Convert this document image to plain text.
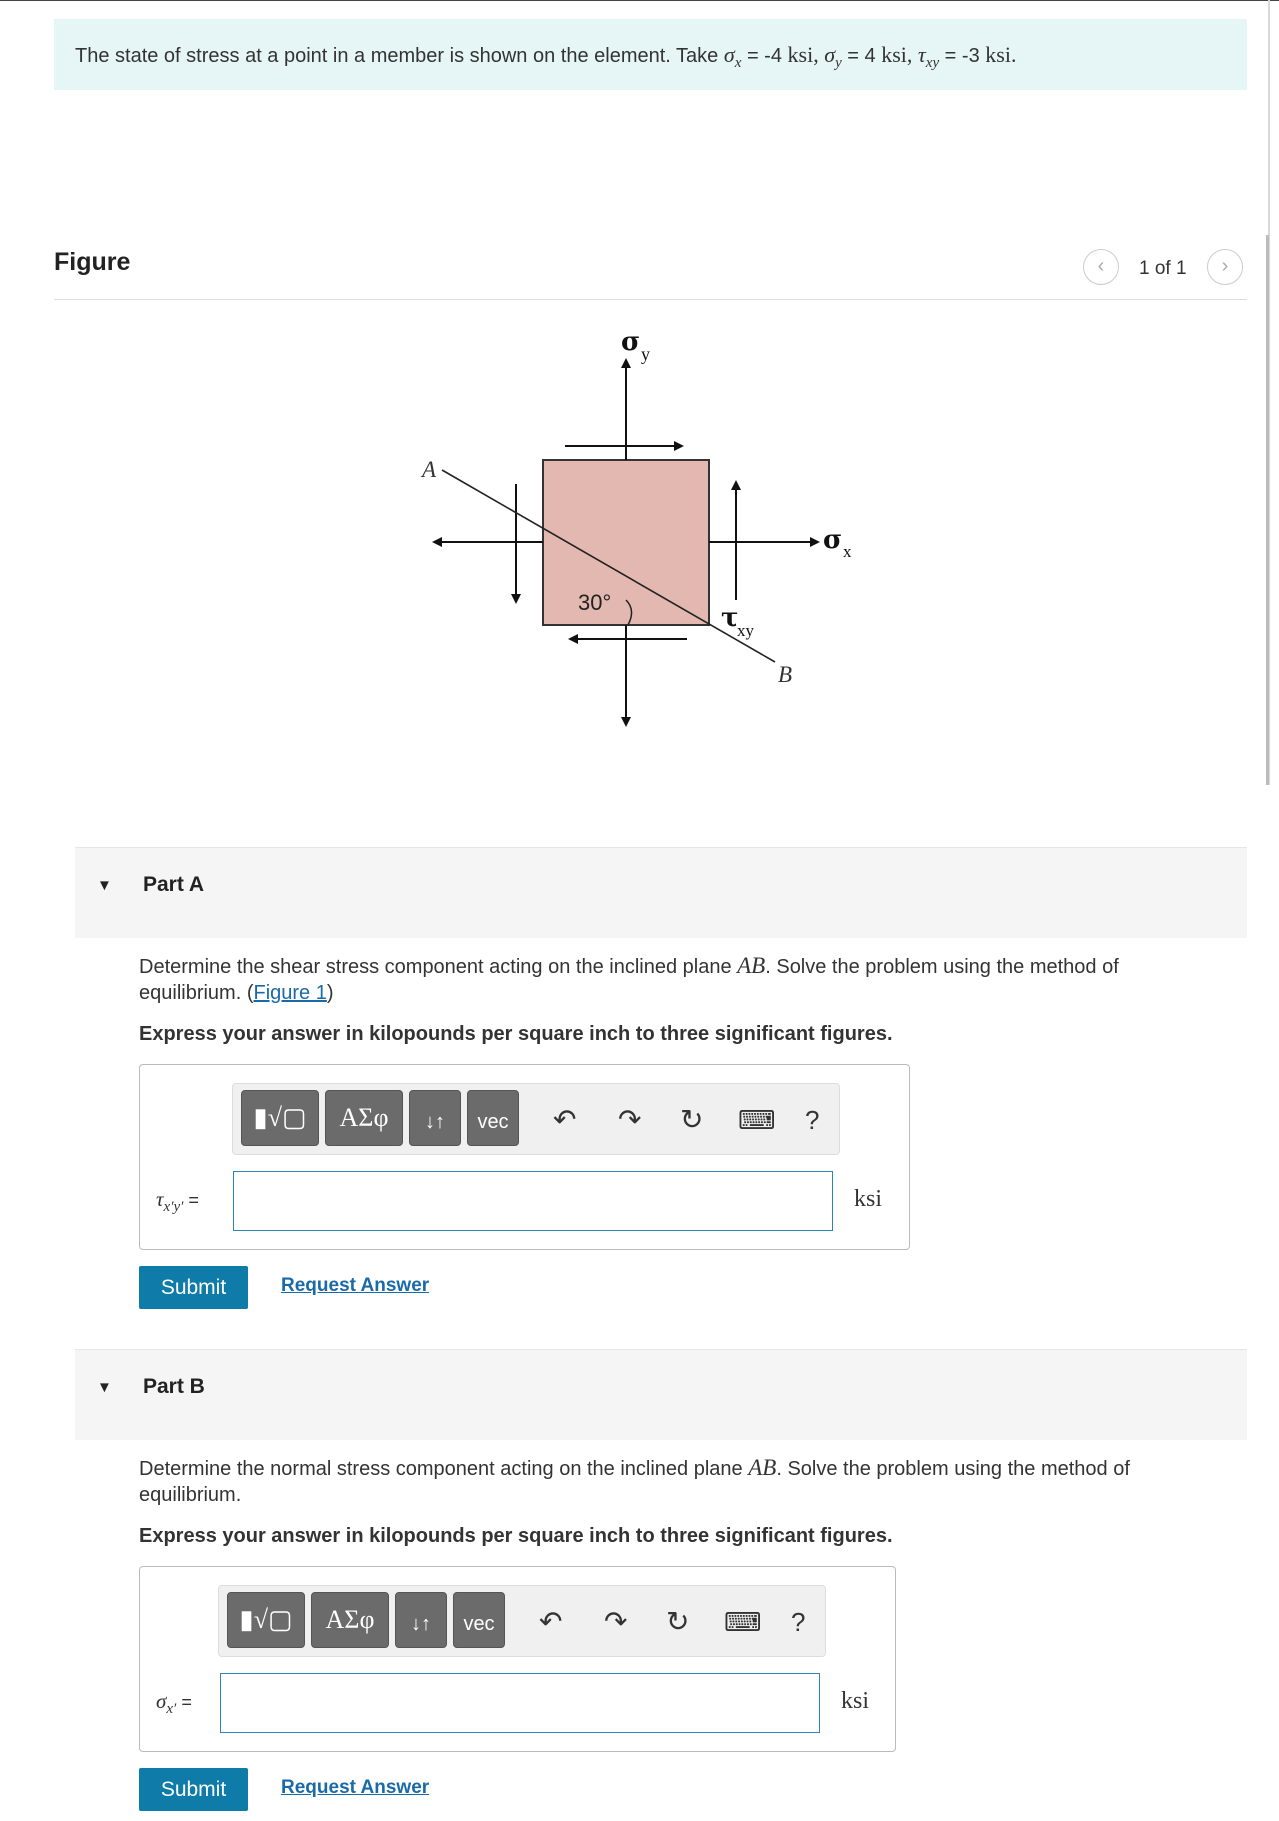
The state of stress at a point in a member is shown on the element. Take $\sigma_x = -4$ ksi, $\sigma_y = 4$ ksi, $\tau_{xy} = -3$ ksi.
Figure	‹	1 of 1	›
σ y
σ x
τ
xy
A
B
30°
▼ Part A
Determine the shear stress component acting on the inclined plane AB. Solve the problem using the method of equilibrium. (Figure 1)
Express your answer in kilopounds per square inch to three significant figures.
▮√▢	ΑΣφ	↓↑	vec	↶ ↷ ↻ ⌨ ?
$\tau_{x'y'}$ =	ksi
Submit	Request Answer
▼ Part B
Determine the normal stress component acting on the inclined plane AB. Solve the problem using the method of equilibrium.
Express your answer in kilopounds per square inch to three significant figures.
▮√▢	ΑΣφ	↓↑	vec	↶ ↷ ↻ ⌨ ?
$\sigma_{x'}$ =	ksi
Submit	Request Answer
